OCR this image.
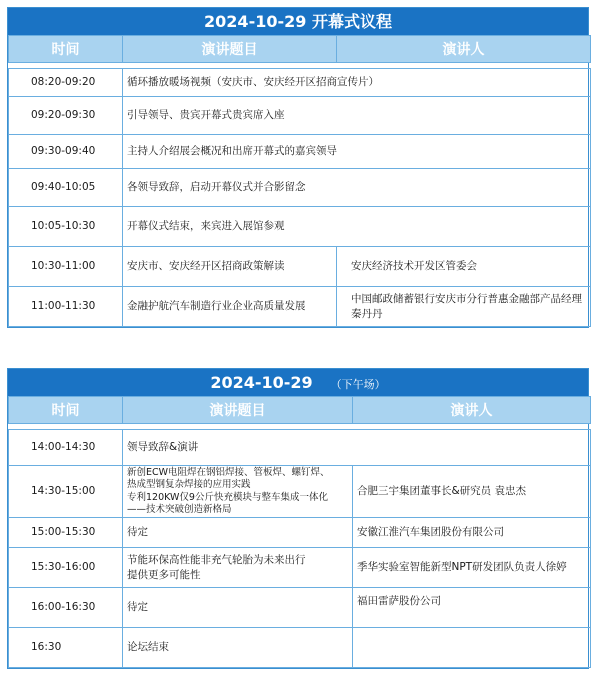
2024-10-29 开幕式议程
时间	演讲题目	演讲人

08:20-09:20	循环播放暖场视频（安庆市、安庆经开区招商宣传片）	
09:20-09:30	引导领导、贵宾开幕式贵宾席入座	
09:30-09:40	主持人介绍展会概况和出席开幕式的嘉宾领导	
09:40-10:05	各领导致辞，启动开幕仪式并合影留念	
10:05-10:30	开幕仪式结束，来宾进入展馆参观	
10:30-11:00	安庆市、安庆经开区招商政策解读	安庆经济技术开发区管委会
11:00-11:30	金融护航汽车制造行业企业高质量发展	中国邮政储蓄银行安庆市分行普惠金融部产品经理　秦丹丹
2024-10-29 （下午场）
时间	演讲题目	演讲人

14:00-14:30	领导致辞&演讲	
14:30-15:00	新创ECW电阻焊在钢铝焊接、管板焊、螺钉焊、
热成型钢复杂焊接的应用实践
专利120KW仅9公斤快充模块与整车集成一体化
——技术突破创造新格局	合肥三宇集团董事长&研究员 袁忠杰
15:00-15:30	待定	安徽江淮汽车集团股份有限公司
15:30-16:00	节能环保高性能非充气轮胎为未来出行
提供更多可能性	季华实验室智能新型NPT研发团队负责人徐婷
16:00-16:30	待定	福田雷萨股份公司
16:30	论坛结束	
